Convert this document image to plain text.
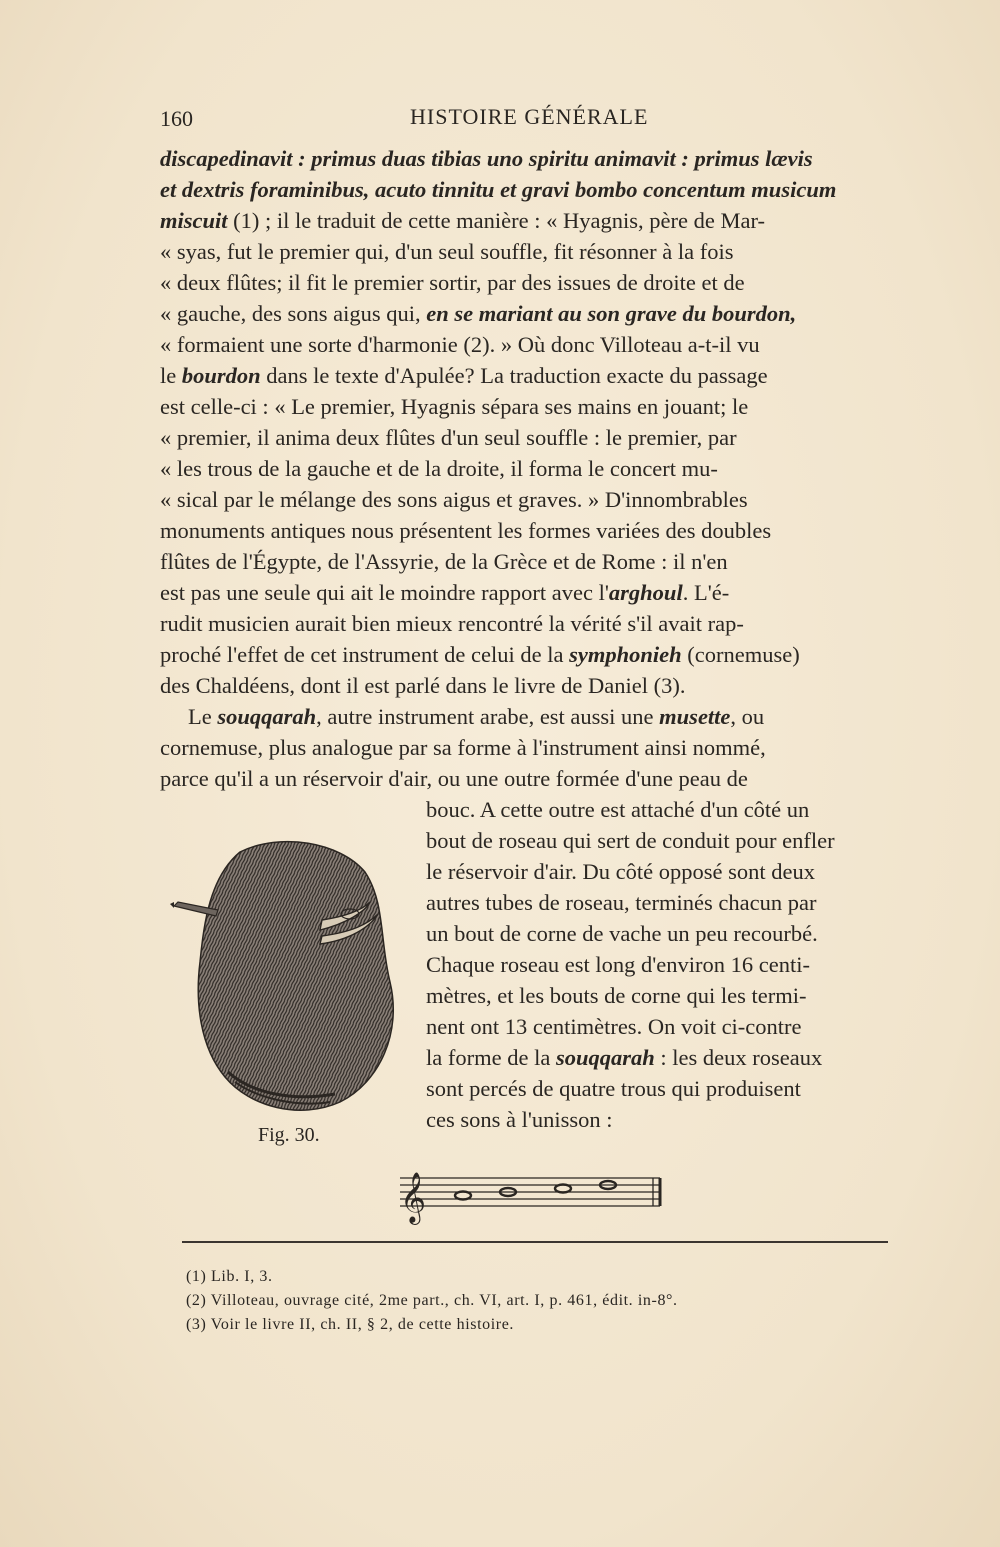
160	HISTOIRE GÉNÉRALE

discapedinavit : primus duas tibias uno spiritu animavit : primus lævis
et dextris foraminibus, acuto tinnitu et gravi bombo concentum musicum
miscuit (1) ; il le traduit de cette manière : « Hyagnis, père de Mar-
« syas, fut le premier qui, d'un seul souffle, fit résonner à la fois
« deux flûtes; il fit le premier sortir, par des issues de droite et de
« gauche, des sons aigus qui, en se mariant au son grave du bourdon,
« formaient une sorte d'harmonie (2). » Où donc Villoteau a-t-il vu
le bourdon dans le texte d'Apulée? La traduction exacte du passage
est celle-ci : « Le premier, Hyagnis sépara ses mains en jouant; le
« premier, il anima deux flûtes d'un seul souffle : le premier, par
« les trous de la gauche et de la droite, il forma le concert mu-
« sical par le mélange des sons aigus et graves. » D'innombrables
monuments antiques nous présentent les formes variées des doubles
flûtes de l'Égypte, de l'Assyrie, de la Grèce et de Rome : il n'en
est pas une seule qui ait le moindre rapport avec l'arghoul. L'é-
rudit musicien aurait bien mieux rencontré la vérité s'il avait rap-
proché l'effet de cet instrument de celui de la symphonieh (cornemuse)
des Chaldéens, dont il est parlé dans le livre de Daniel (3).

Le souqqarah, autre instrument arabe, est aussi une musette, ou

cornemuse, plus analogue par sa forme à l'instrument ainsi nommé,
parce qu'il a un réservoir d'air, ou une outre formée d'une peau de

bouc. A cette outre est attaché d'un côté un
bout de roseau qui sert de conduit pour enfler
le réservoir d'air. Du côté opposé sont deux
autres tubes de roseau, terminés chacun par
un bout de corne de vache un peu recourbé.
Chaque roseau est long d'environ 16 centi-
mètres, et les bouts de corne qui les termi-
nent ont 13 centimètres. On voit ci-contre
la forme de la souqqarah : les deux roseaux
sont percés de quatre trous qui produisent
ces sons à l'unisson :
Fig. 30.
𝄞

(1) Lib. I, 3.

(2) Villoteau, ouvrage cité, 2me part., ch. VI, art. I, p. 461, édit. in-8°.

(3) Voir le livre II, ch. II, § 2, de cette histoire.
